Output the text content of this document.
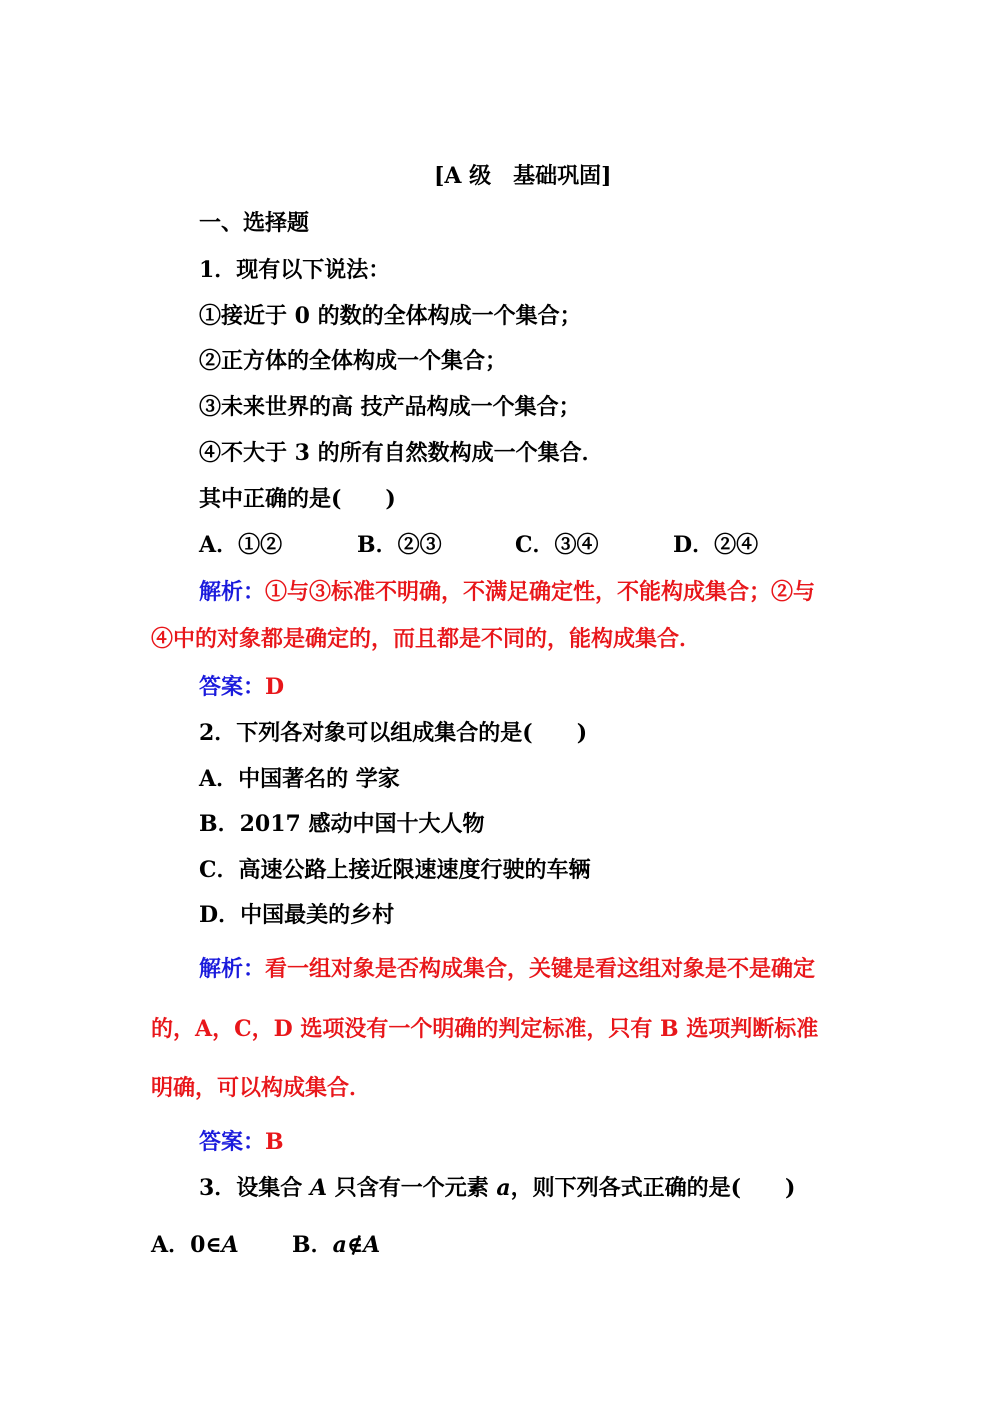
[A 级　基础巩固]
一、选择题
1．现有以下说法：
①接近于 0 的数的全体构成一个集合；
②正方体的全体构成一个集合；
③未来世界的高 技产品构成一个集合；
④不大于 3 的所有自然数构成一个集合．
其中正确的是(　　)
A．①②	B．②③	C．③④	D．②④
解析：①与③标准不明确，不满足确定性，不能构成集合；②与
④中的对象都是确定的，而且都是不同的，能构成集合．
答案：D
2．下列各对象可以组成集合的是(　　)
A．中国著名的 学家
B．2017 感动中国十大人物
C．高速公路上接近限速速度行驶的车辆
D．中国最美的乡村
解析：看一组对象是否构成集合，关键是看这组对象是不是确定
的，A，C，D 选项没有一个明确的判定标准，只有 B 选项判断标准
明确，可以构成集合．
答案：B
3．设集合 A 只含有一个元素 a，则下列各式正确的是(　　)
A．0∈A B．a∉A
